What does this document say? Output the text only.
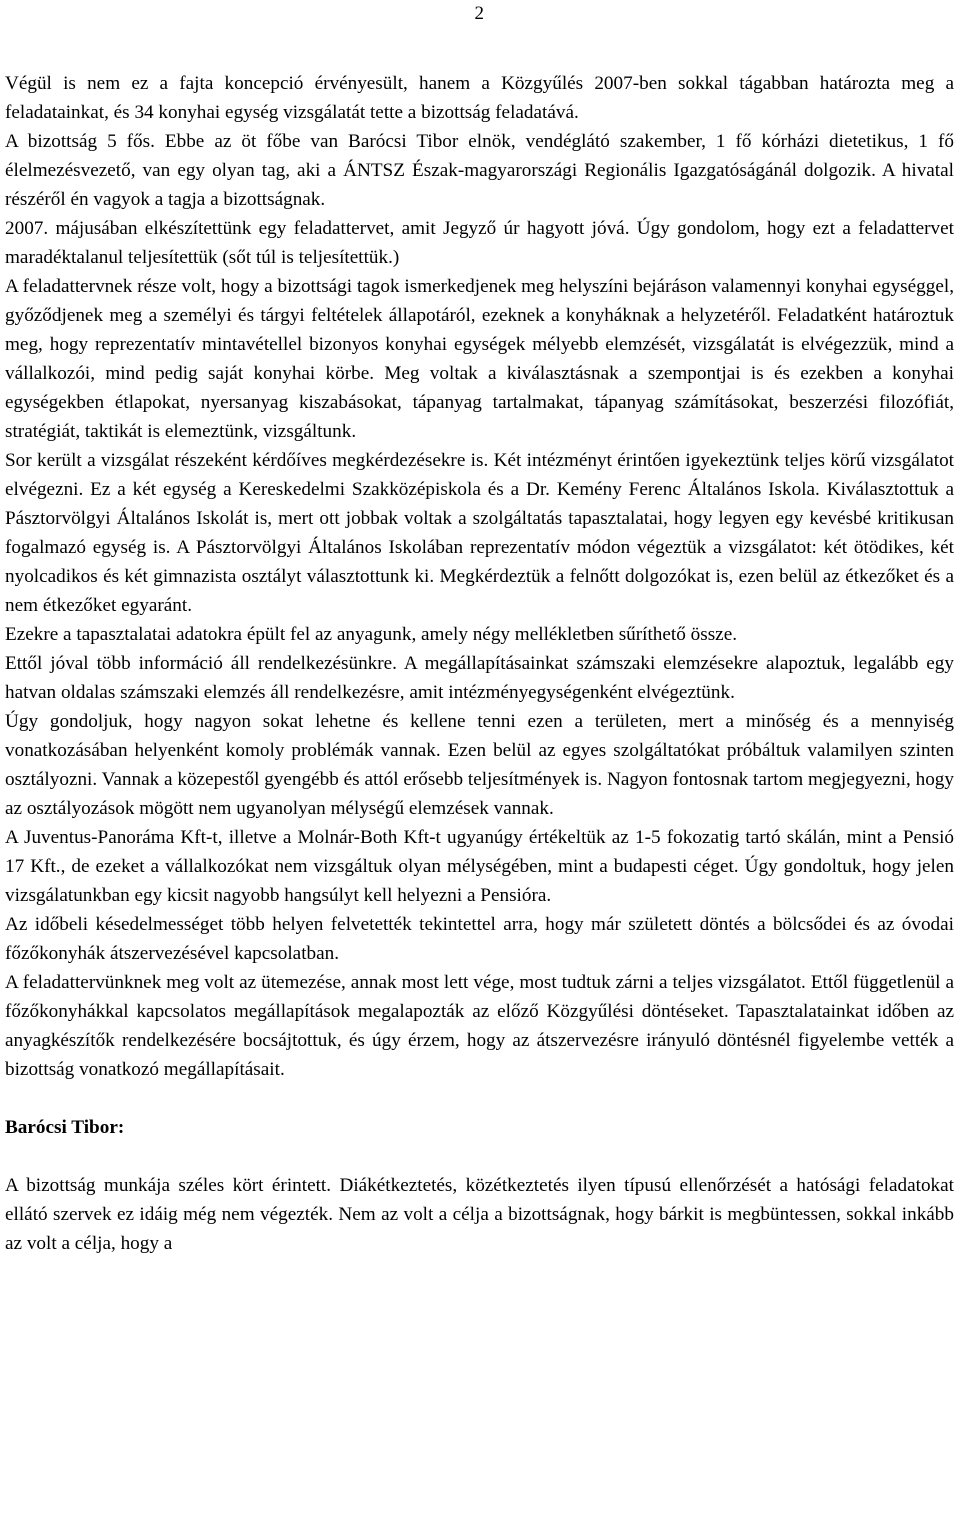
2

Végül is nem ez a fajta koncepció érvényesült, hanem a Közgyűlés 2007-ben sokkal tágabban határozta meg a feladatainkat, és 34 konyhai egység vizsgálatát tette a bizottság feladatává.

A bizottság 5 fős. Ebbe az öt főbe van Barócsi Tibor elnök, vendéglátó szakember, 1 fő kórházi dietetikus, 1 fő élelmezésvezető, van egy olyan tag, aki a ÁNTSZ Észak-magyarországi Regionális Igazgatóságánál dolgozik. A hivatal részéről én vagyok a tagja a bizottságnak.

2007. májusában elkészítettünk egy feladattervet, amit Jegyző úr hagyott jóvá. Úgy gondolom, hogy ezt a feladattervet maradéktalanul teljesítettük (sőt túl is teljesítettük.)

A feladattervnek része volt, hogy a bizottsági tagok ismerkedjenek meg helyszíni bejáráson valamennyi konyhai egységgel, győződjenek meg a személyi és tárgyi feltételek állapotáról, ezeknek a konyháknak a helyzetéről. Feladatként határoztuk meg, hogy reprezentatív mintavétellel bizonyos konyhai egységek mélyebb elemzését, vizsgálatát is elvégezzük, mind a vállalkozói, mind pedig saját konyhai körbe. Meg voltak a kiválasztásnak a szempontjai is és ezekben a konyhai egységekben étlapokat, nyersanyag kiszabásokat, tápanyag tartalmakat, tápanyag számításokat, beszerzési filozófiát, stratégiát, taktikát is elemeztünk, vizsgáltunk.

Sor került a vizsgálat részeként kérdőíves megkérdezésekre is. Két intézményt érintően igyekeztünk teljes körű vizsgálatot elvégezni. Ez a két egység a Kereskedelmi Szakközépiskola és a Dr. Kemény Ferenc Általános Iskola. Kiválasztottuk a Pásztorvölgyi Általános Iskolát is, mert ott jobbak voltak a szolgáltatás tapasztalatai, hogy legyen egy kevésbé kritikusan fogalmazó egység is. A Pásztorvölgyi Általános Iskolában reprezentatív módon végeztük a vizsgálatot: két ötödikes, két nyolcadikos és két gimnazista osztályt választottunk ki. Megkérdeztük a felnőtt dolgozókat is, ezen belül az étkezőket és a nem étkezőket egyaránt.

Ezekre a tapasztalatai adatokra épült fel az anyagunk, amely négy mellékletben sűríthető össze.

Ettől jóval több információ áll rendelkezésünkre. A megállapításainkat számszaki elemzésekre alapoztuk, legalább egy hatvan oldalas számszaki elemzés áll rendelkezésre, amit intézményegységenként elvégeztünk.

Úgy gondoljuk, hogy nagyon sokat lehetne és kellene tenni ezen a területen, mert a minőség és a mennyiség vonatkozásában helyenként komoly problémák vannak. Ezen belül az egyes szolgáltatókat próbáltuk valamilyen szinten osztályozni. Vannak a közepestől gyengébb és attól erősebb teljesítmények is. Nagyon fontosnak tartom megjegyezni, hogy az osztályozások mögött nem ugyanolyan mélységű elemzések vannak.

A Juventus-Panoráma Kft-t, illetve a Molnár-Both Kft-t ugyanúgy értékeltük az 1-5 fokozatig tartó skálán, mint a Pensió 17 Kft., de ezeket a vállalkozókat nem vizsgáltuk olyan mélységében, mint a budapesti céget. Úgy gondoltuk, hogy jelen vizsgálatunkban egy kicsit nagyobb hangsúlyt kell helyezni a Pensióra.

Az időbeli késedelmességet több helyen felvetették tekintettel arra, hogy már született döntés a bölcsődei és az óvodai főzőkonyhák átszervezésével kapcsolatban.

A feladattervünknek meg volt az ütemezése, annak most lett vége, most tudtuk zárni a teljes vizsgálatot. Ettől függetlenül a főzőkonyhákkal kapcsolatos megállapítások megalapozták az előző Közgyűlési döntéseket. Tapasztalatainkat időben az anyagkészítők rendelkezésére bocsájtottuk, és úgy érzem, hogy az átszervezésre irányuló döntésnél figyelembe vették a bizottság vonatkozó megállapításait.

Barócsi Tibor:

A bizottság munkája széles kört érintett. Diákétkeztetés, közétkeztetés ilyen típusú ellenőrzését a hatósági feladatokat ellátó szervek ez idáig még nem végezték. Nem az volt a célja a bizottságnak, hogy bárkit is megbüntessen, sokkal inkább az volt a célja, hogy a
